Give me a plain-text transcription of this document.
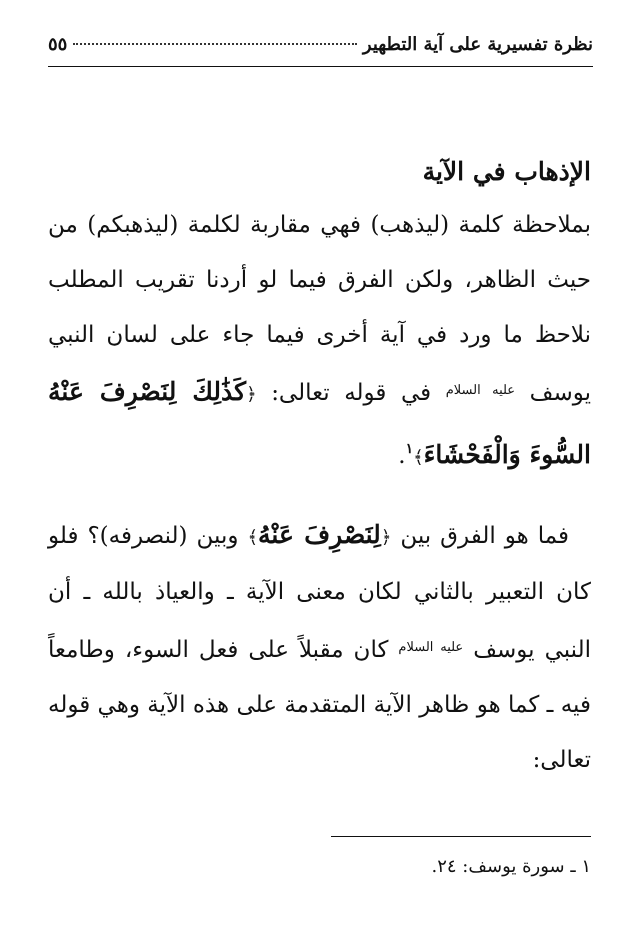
نظرة تفسيرية على آية التطهير
٥٥
الإذهاب في الآية

بملاحظة كلمة (ليذهب) فهي مقاربة لكلمة (ليذهبكم) من حيث الظاهر، ولكن الفرق فيما لو أردنا تقريب المطلب نلاحظ ما ورد في آية أخرى فيما جاء على لسان النبي يوسف $^{عليه السلام}$ في قوله تعالى: ﴿كَذَٰلِكَ لِنَصْرِفَ عَنْهُ السُّوءَ وَالْفَحْشَاءَ﴾$^١$.

فما هو الفرق بين ﴿لِنَصْرِفَ عَنْهُ﴾ وبين (لنصرفه)؟ فلو كان التعبير بالثاني لكان معنى الآية ـ والعياذ بالله ـ أن النبي يوسف $^{عليه السلام}$ كان مقبلاً على فعل السوء، وطامعاً فيه ـ كما هو ظاهر الآية المتقدمة على هذه الآية وهي قوله تعالى:

١ ـ سورة يوسف: ٢٤.
